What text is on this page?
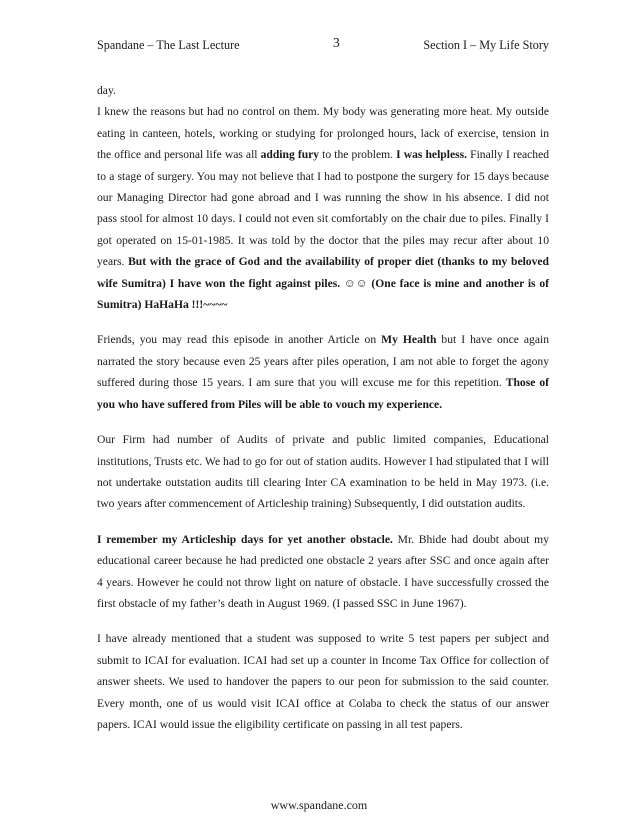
Spandane – The Last Lecture	3	Section I – My Life Story

day.

I knew the reasons but had no control on them. My body was generating more heat. My outside eating in canteen, hotels, working or studying for prolonged hours, lack of exercise, tension in the office and personal life was all adding fury to the problem. I was helpless. Finally I reached to a stage of surgery. You may not believe that I had to postpone the surgery for 15 days because our Managing Director had gone abroad and I was running the show in his absence. I did not pass stool for almost 10 days. I could not even sit comfortably on the chair due to piles. Finally I got operated on 15-01-1985. It was told by the doctor that the piles may recur after about 10 years. But with the grace of God and the availability of proper diet (thanks to my beloved wife Sumitra) I have won the fight against piles. ☺☺ (One face is mine and another is of Sumitra) HaHaHa !!!~~~~

Friends, you may read this episode in another Article on My Health but I have once again narrated the story because even 25 years after piles operation, I am not able to forget the agony suffered during those 15 years. I am sure that you will excuse me for this repetition. Those of you who have suffered from Piles will be able to vouch my experience.

Our Firm had number of Audits of private and public limited companies, Educational institutions, Trusts etc. We had to go for out of station audits. However I had stipulated that I will not undertake outstation audits till clearing Inter CA examination to be held in May 1973. (i.e. two years after commencement of Articleship training) Subsequently, I did outstation audits.

I remember my Articleship days for yet another obstacle. Mr. Bhide had doubt about my educational career because he had predicted one obstacle 2 years after SSC and once again after 4 years. However he could not throw light on nature of obstacle. I have successfully crossed the first obstacle of my father’s death in August 1969. (I passed SSC in June 1967).

I have already mentioned that a student was supposed to write 5 test papers per subject and submit to ICAI for evaluation. ICAI had set up a counter in Income Tax Office for collection of answer sheets. We used to handover the papers to our peon for submission to the said counter. Every month, one of us would visit ICAI office at Colaba to check the status of our answer papers. ICAI would issue the eligibility certificate on passing in all test papers.

www.spandane.com
